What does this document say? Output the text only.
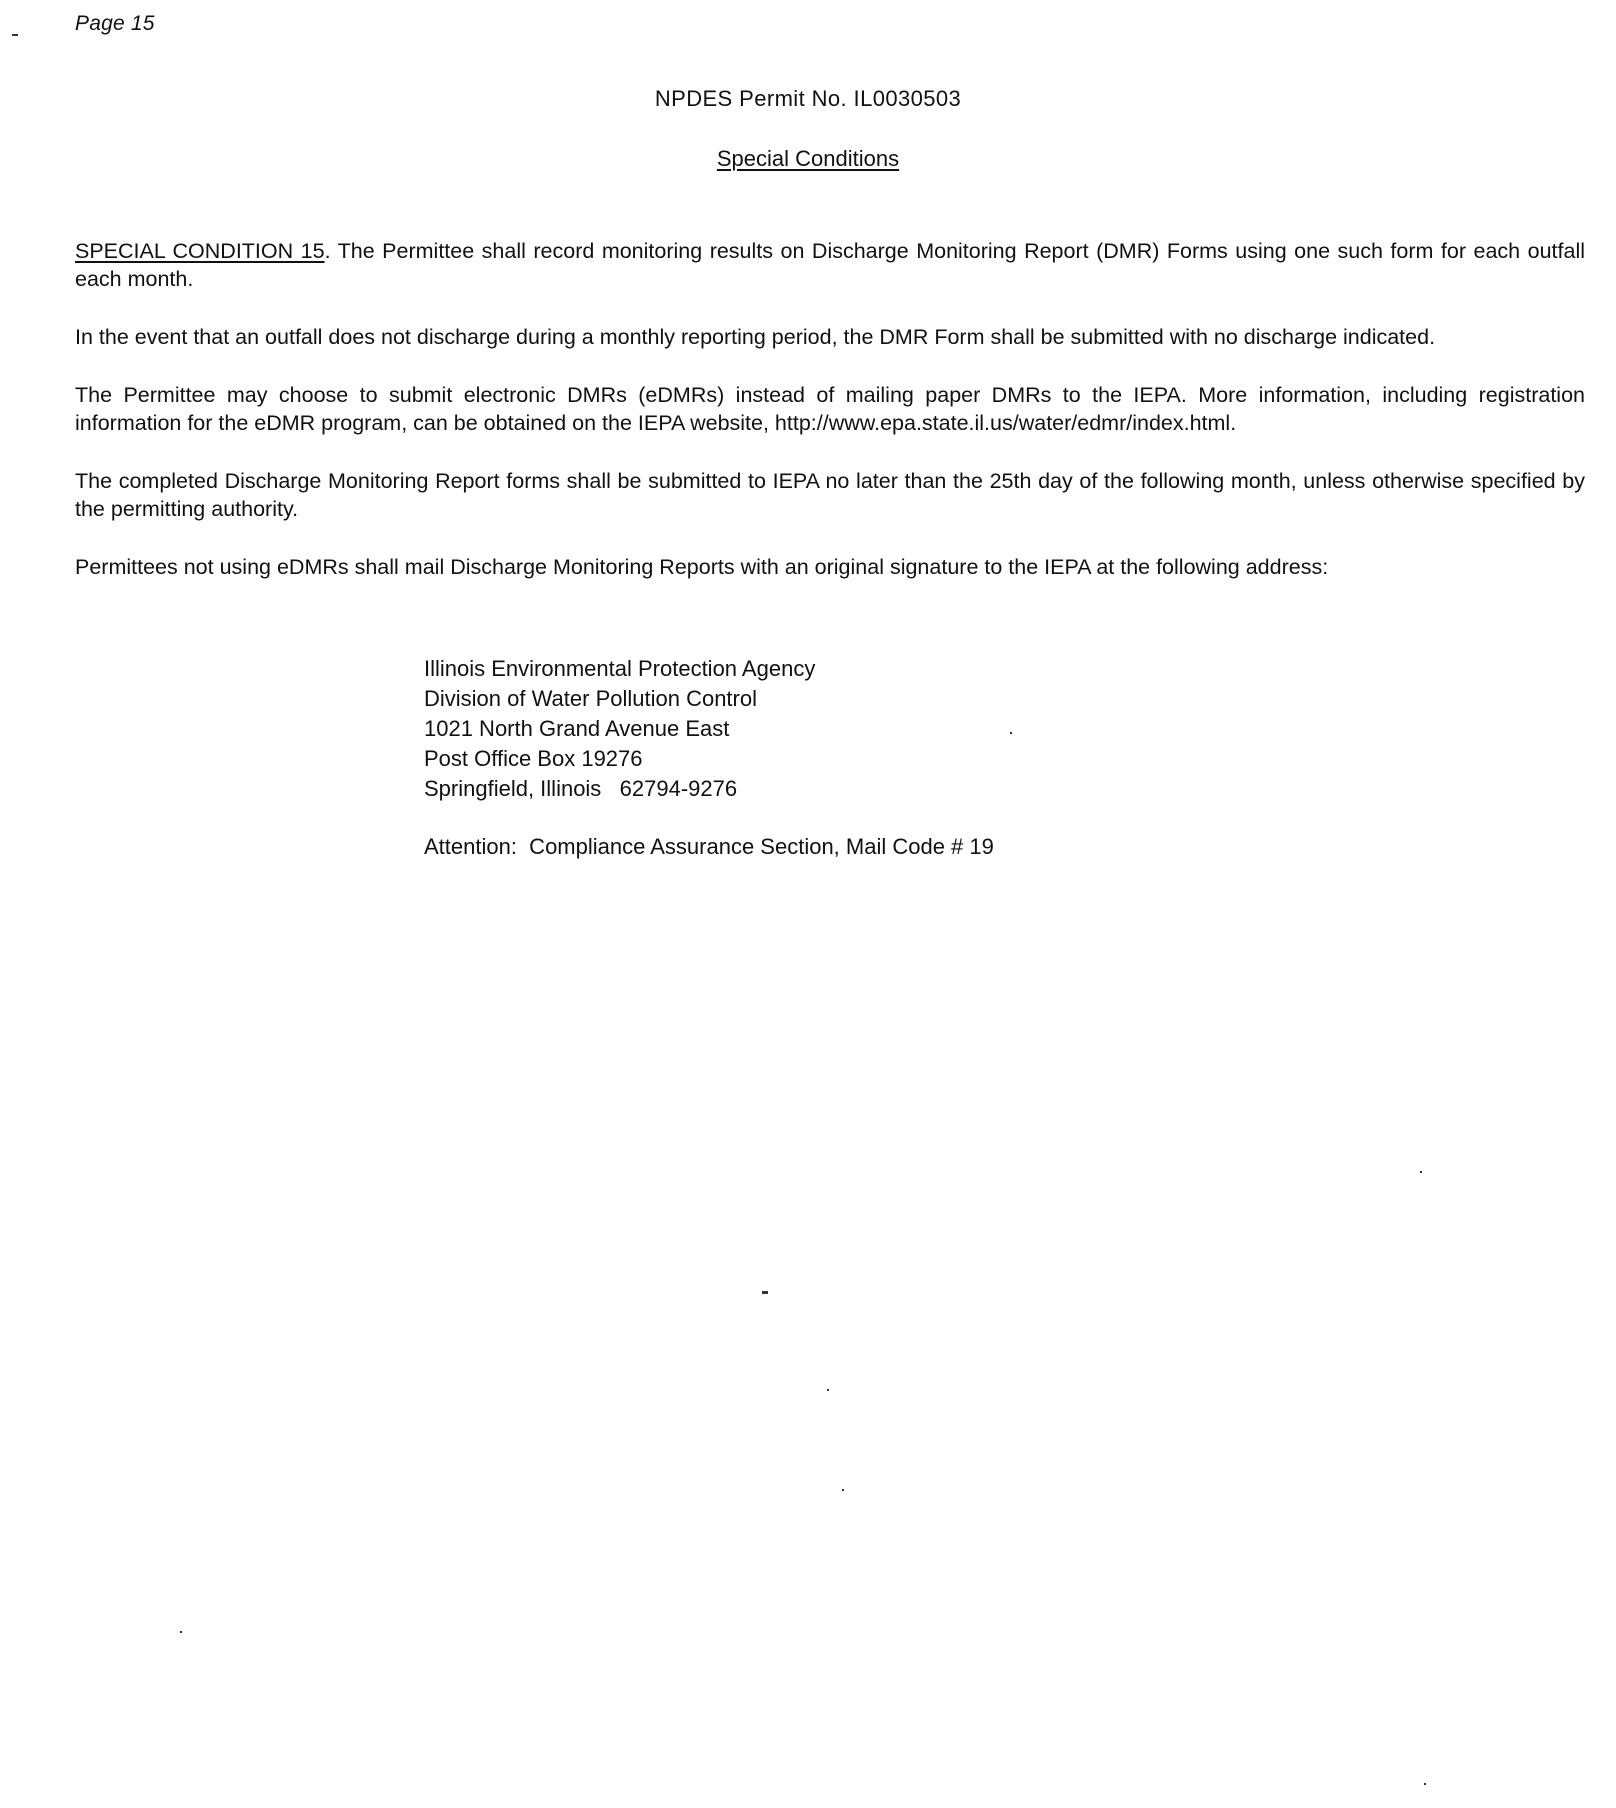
Page 15
NPDES Permit No. IL0030503
Special Conditions

SPECIAL CONDITION 15. The Permittee shall record monitoring results on Discharge Monitoring Report (DMR) Forms using one such form for each outfall each month.

In the event that an outfall does not discharge during a monthly reporting period, the DMR Form shall be submitted with no discharge indicated.

The Permittee may choose to submit electronic DMRs (eDMRs) instead of mailing paper DMRs to the IEPA. More information, including registration information for the eDMR program, can be obtained on the IEPA website, http://www.epa.state.il.us/water/edmr/index.html.

The completed Discharge Monitoring Report forms shall be submitted to IEPA no later than the 25th day of the following month, unless otherwise specified by the permitting authority.

Permittees not using eDMRs shall mail Discharge Monitoring Reports with an original signature to the IEPA at the following address:

Illinois Environmental Protection Agency
Division of Water Pollution Control
1021 North Grand Avenue East
Post Office Box 19276
Springfield, Illinois   62794-9276
Attention:  Compliance Assurance Section, Mail Code # 19
